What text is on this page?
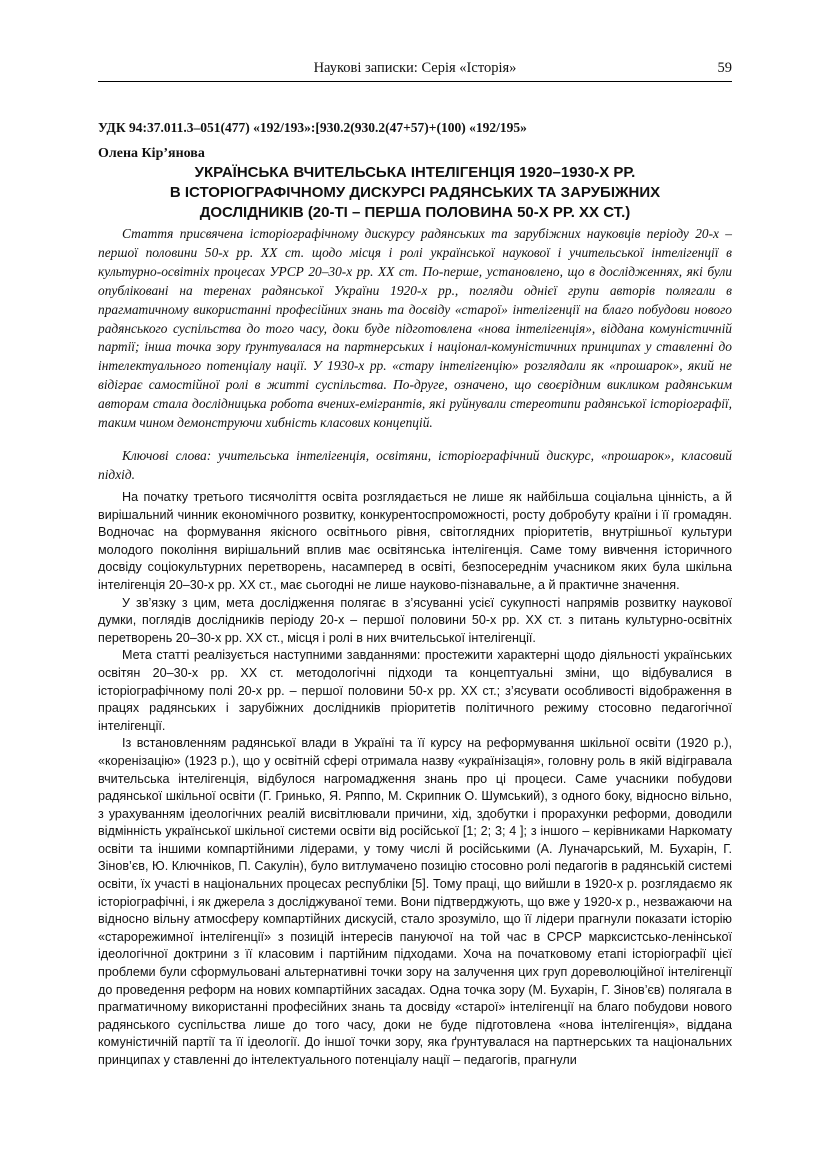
Наукові записки: Серія «Історія»	59
УДК 94:37.011.3–051(477) «192/193»:[930.2(930.2(47+57)+(100) «192/195»
Олена Кір’янова
УКРАЇНСЬКА ВЧИТЕЛЬСЬКА ІНТЕЛІГЕНЦІЯ 1920–1930-Х РР.
В ІСТОРІОГРАФІЧНОМУ ДИСКУРСІ РАДЯНСЬКИХ ТА ЗАРУБІЖНИХ
ДОСЛІДНИКІВ (20-ТІ – ПЕРША ПОЛОВИНА 50-Х РР. ХХ СТ.)

Стаття присвячена історіографічному дискурсу радянських та зарубіжних науковців періоду 20-х – першої половини 50-х рр. ХХ ст. щодо місця і ролі української наукової і учительської інтелігенції в культурно-освітніх процесах УРСР 20–30-х рр. ХХ ст. По-перше, установлено, що в дослідженнях, які були опубліковані на теренах радянської України 1920-х рр., погляди однієї групи авторів полягали в прагматичному використанні професійних знань та досвіду «старої» інтелігенції на благо побудови нового радянського суспільства до того часу, доки буде підготовлена «нова інтелігенція», віддана комуністичній партії; інша точка зору ґрунтувалася на партнерських і націонал-комуністичних принципах у ставленні до інтелектуального потенціалу нації. У 1930-х рр. «стару інтелігенцію» розглядали як «прошарок», який не відіграє самостійної ролі в житті суспільства. По-друге, означено, що своєрідним викликом радянським авторам стала дослідницька робота вчених-емігрантів, які руйнували стереотипи радянської історіографії, таким чином демонструючи хибність класових концепцій.

Ключові слова: учительська інтелігенція, освітяни, історіографічний дискурс, «прошарок», класовий підхід.

На початку третього тисячоліття освіта розглядається не лише як найбільша соціальна цінність, а й вирішальний чинник економічного розвитку, конкурентоспроможності, росту добробуту країни і її громадян. Водночас на формування якісного освітнього рівня, світоглядних пріоритетів, внутрішньої культури молодого покоління вирішальний вплив має освітянська інтелігенція. Саме тому вивчення історичного досвіду соціокультурних перетворень, насамперед в освіті, безпосереднім учасником яких була шкільна інтелігенція 20–30-х рр. ХХ ст., має сьогодні не лише науково-пізнавальне, а й практичне значення.

У зв’язку з цим, мета дослідження полягає в з’ясуванні усієї сукупності напрямів розвитку наукової думки, поглядів дослідників періоду 20-х – першої половини 50-х рр. ХХ ст. з питань культурно-освітніх перетворень 20–30-х рр. ХХ ст., місця і ролі в них вчительської інтелігенції.

Мета статті реалізується наступними завданнями: простежити характерні щодо діяльності українських освітян 20–30-х рр. ХХ ст. методологічні підходи та концептуальні зміни, що відбувалися в історіографічному полі 20-х рр. – першої половини 50-х рр. ХХ ст.; з’ясувати особливості відображення в працях радянських і зарубіжних дослідників пріоритетів політичного режиму стосовно педагогічної інтелігенції.

Із встановленням радянської влади в Україні та її курсу на реформування шкільної освіти (1920 р.), «коренізацію» (1923 р.), що у освітній сфері отримала назву «українізація», головну роль в якій відігравала вчительська інтелігенція, відбулося нагромадження знань про ці процеси. Саме учасники побудови радянської шкільної освіти (Г. Гринько, Я. Ряппо, М. Скрипник О. Шумський), з одного боку, відносно вільно, з урахуванням ідеологічних реалій висвітлювали причини, хід, здобутки і прорахунки реформи, доводили відмінність української шкільної системи освіти від російської [1; 2; 3; 4 ]; з іншого – керівниками Наркомату освіти та іншими компартійними лідерами, у тому числі й російськими (А. Луначарський, М. Бухарін, Г. Зінов’єв, Ю. Ключніков, П. Сакулін), було витлумачено позицію стосовно ролі педагогів в радянській системі освіти, їх участі в національних процесах республіки [5]. Тому праці, що вийшли в 1920-х р. розглядаємо як історіографічні, і як джерела з досліджуваної теми. Вони підтверджують, що вже у 1920-х р., незважаючи на відносно вільну атмосферу компартійних дискусій, стало зрозуміло, що її лідери прагнули показати історію «старорежимної інтелігенції» з позицій інтересів пануючої на той час в СРСР марксистсько-ленінської ідеологічної доктрини з її класовим і партійним підходами. Хоча на початковому етапі історіографії цієї проблеми були сформульовані альтернативні точки зору на залучення цих груп дореволюційної інтелігенції до проведення реформ на нових компартійних засадах. Одна точка зору (М. Бухарін, Г. Зінов’єв) полягала в прагматичному використанні професійних знань та досвіду «старої» інтелігенції на благо побудови нового радянського суспільства лише до того часу, доки не буде підготовлена «нова інтелігенція», віддана комуністичній партії та її ідеології. До іншої точки зору, яка ґрунтувалася на партнерських та національних принципах у ставленні до інтелектуального потенціалу нації – педагогів, прагнули
